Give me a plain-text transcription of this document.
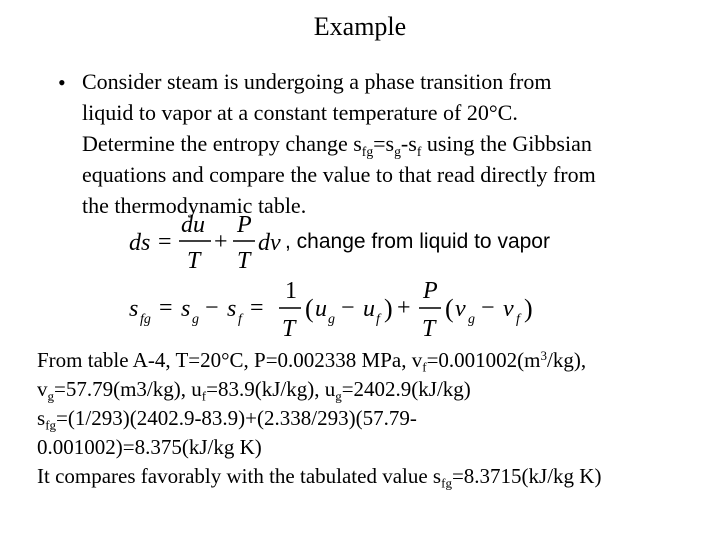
Example
• Consider steam is undergoing a phase transition from
liquid to vapor at a constant temperature of 20°C.
Determine the entropy change $s_{fg}=s_g-s_f$ using the Gibbsian
equations and compare the value to that read directly from
the thermodynamic table.
ds =
du
T
+
P
T
dv , change from liquid to vapor
s fg = s g − s f =
1
T
( u g − u f ) +
P
T
( ν g − ν f )
From table A-4, T=20°C, P=0.002338 MPa, $v_f=0.001002(m^3/kg)$,
$v_g=57.79(m3/kg)$, $u_f=83.9(kJ/kg)$, $u_g=2402.9(kJ/kg)$
$s_{fg}=(1/293)(2402.9-83.9)+(2.338/293)(57.79-$
0.001002)=8.375(kJ/kg K)
It compares favorably with the tabulated value $s_{fg}=8.3715(kJ/kg$ K)
